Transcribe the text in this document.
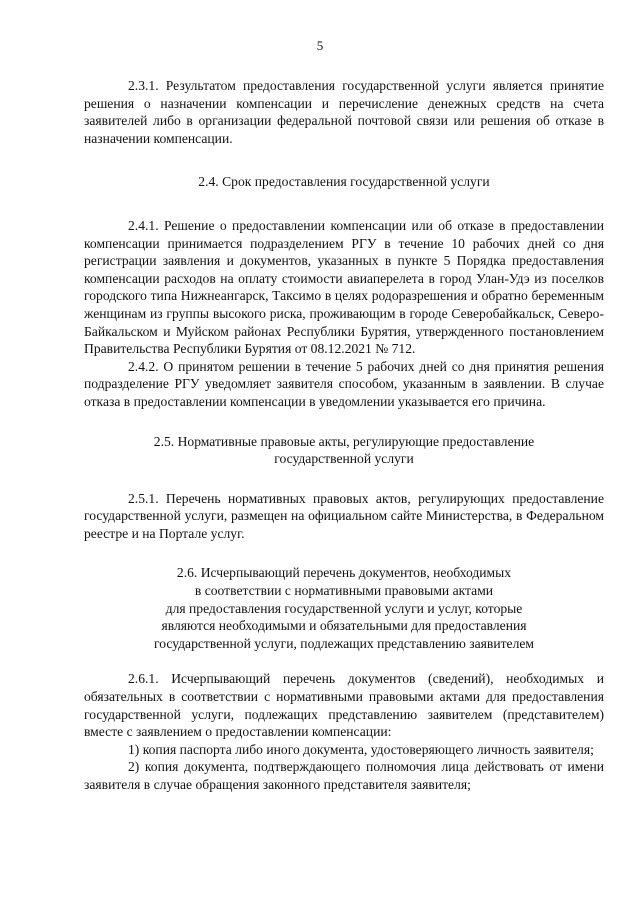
5

2.3.1. Результатом предоставления государственной услуги является принятие решения о назначении компенсации и перечисление денежных средств на счета заявителей либо в организации федеральной почтовой связи или решения об отказе в назначении компенсации.

2.4. Срок предоставления государственной услуги

2.4.1. Решение о предоставлении компенсации или об отказе в предоставлении компенсации принимается подразделением РГУ в течение 10 рабочих дней со дня регистрации заявления и документов, указанных в пункте 5 Порядка предоставления компенсации расходов на оплату стоимости авиаперелета в город Улан-Удэ из поселков городского типа Нижнеангарск, Таксимо в целях родоразрешения и обратно беременным женщинам из группы высокого риска, проживающим в городе Северобайкальск, Северо-Байкальском и Муйском районах Республики Бурятия, утвержденного постановлением Правительства Республики Бурятия от 08.12.2021 № 712.

2.4.2. О принятом решении в течение 5 рабочих дней со дня принятия решения подразделение РГУ уведомляет заявителя способом, указанным в заявлении. В случае отказа в предоставлении компенсации в уведомлении указывается его причина.

2.5. Нормативные правовые акты, регулирующие предоставление

государственной услуги

2.5.1. Перечень нормативных правовых актов, регулирующих предоставление государственной услуги, размещен на официальном сайте Министерства, в Федеральном реестре и на Портале услуг.

2.6. Исчерпывающий перечень документов, необходимых

в соответствии с нормативными правовыми актами

для предоставления государственной услуги и услуг, которые

являются необходимыми и обязательными для предоставления

государственной услуги, подлежащих представлению заявителем

2.6.1. Исчерпывающий перечень документов (сведений), необходимых и обязательных в соответствии с нормативными правовыми актами для предоставления государственной услуги, подлежащих представлению заявителем (представителем) вместе с заявлением о предоставлении компенсации:

1) копия паспорта либо иного документа, удостоверяющего личность заявителя;

2) копия документа, подтверждающего полномочия лица действовать от имени заявителя в случае обращения законного представителя заявителя;
